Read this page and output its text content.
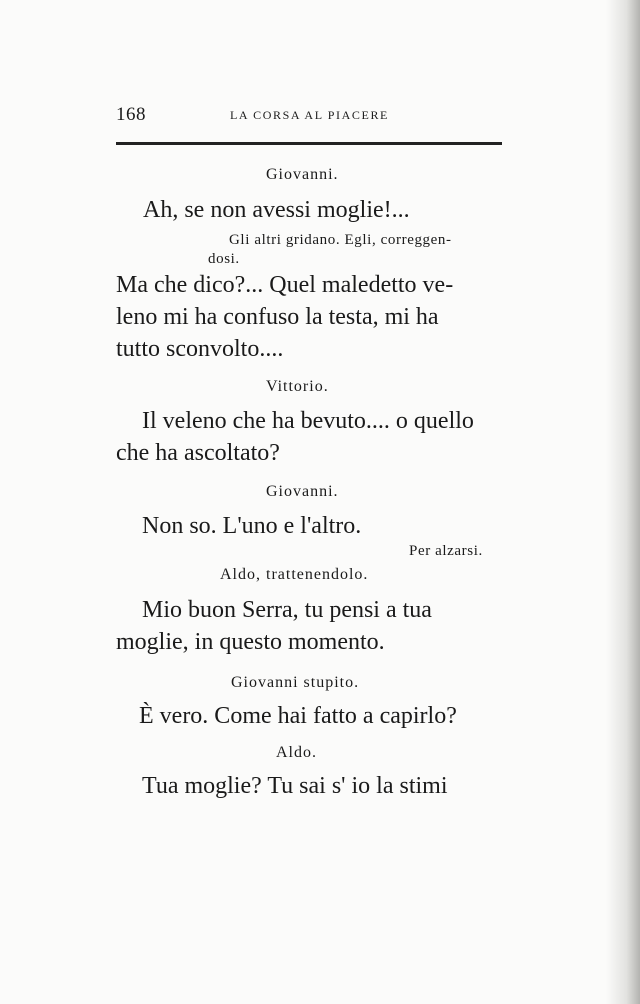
168	LA CORSA AL PIACERE
Giovanni.
Ah, se non avessi moglie!...
Gli altri gridano. Egli, correggen-
dosi.
Ma che dico?... Quel maledetto ve-
leno mi ha confuso la testa, mi ha
tutto sconvolto....
Vittorio.
Il veleno che ha bevuto.... o quello
che ha ascoltato?
Giovanni.
Non so. L'uno e l'altro.
Per alzarsi.
Aldo, trattenendolo.
Mio buon Serra, tu pensi a tua
moglie, in questo momento.
Giovanni stupito.
È vero. Come hai fatto a capirlo?
Aldo.
Tua moglie? Tu sai s' io la stimi
